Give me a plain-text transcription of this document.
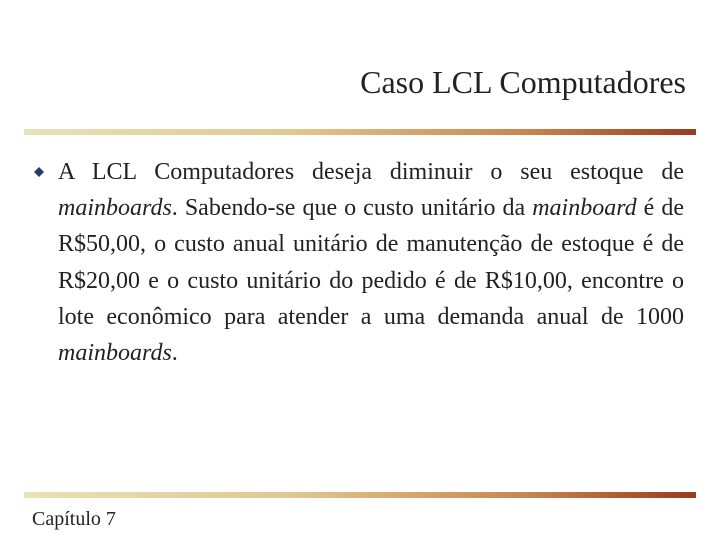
Caso LCL Computadores
A LCL Computadores deseja diminuir o seu estoque de mainboards. Sabendo-se que o custo unitário da mainboard é de R$50,00, o custo anual unitário de manutenção de estoque é de R$20,00 e o custo unitário do pedido é de R$10,00, encontre o lote econômico para atender a uma demanda anual de 1000 mainboards.
Capítulo 7
